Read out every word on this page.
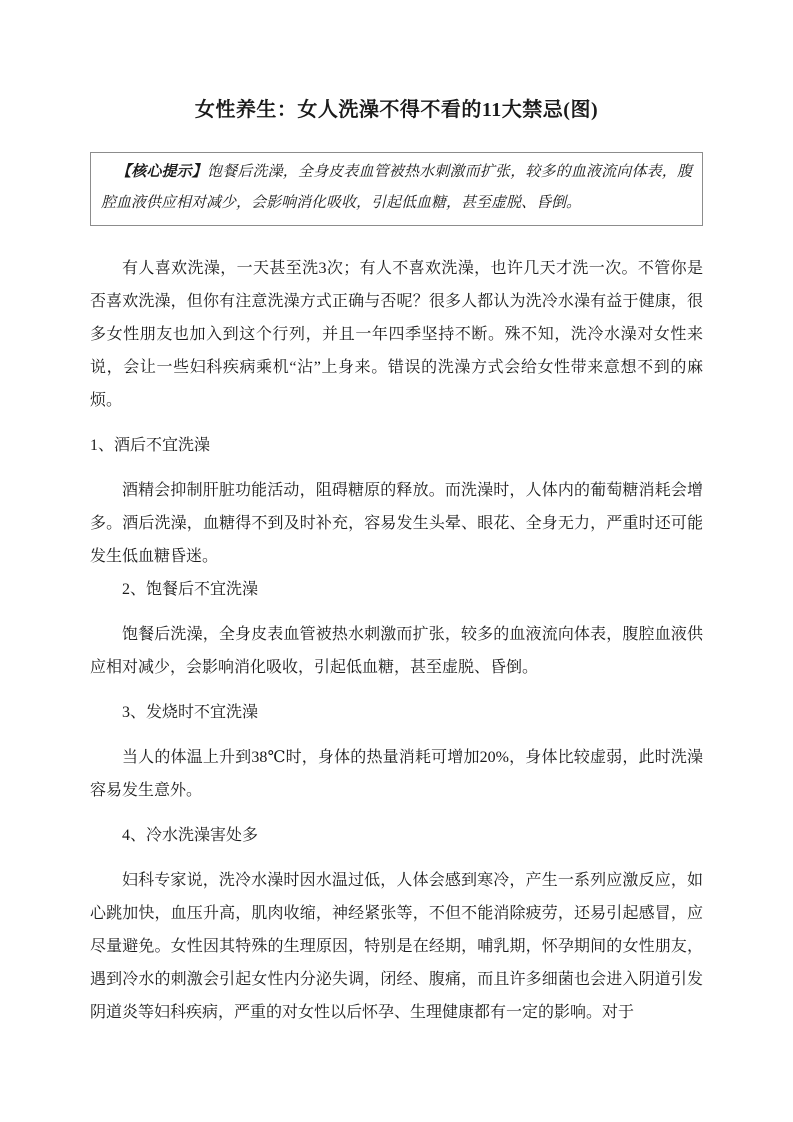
女性养生：女人洗澡不得不看的11大禁忌(图)

【核心提示】饱餐后洗澡，全身皮表血管被热水刺激而扩张，较多的血液流向体表，腹腔血液供应相对减少，会影响消化吸收，引起低血糖，甚至虚脱、昏倒。

有人喜欢洗澡，一天甚至洗3次；有人不喜欢洗澡，也许几天才洗一次。不管你是否喜欢洗澡，但你有注意洗澡方式正确与否呢？很多人都认为洗冷水澡有益于健康，很多女性朋友也加入到这个行列，并且一年四季坚持不断。殊不知，洗冷水澡对女性来说，会让一些妇科疾病乘机“沾”上身来。错误的洗澡方式会给女性带来意想不到的麻烦。

1、酒后不宜洗澡

酒精会抑制肝脏功能活动，阻碍糖原的释放。而洗澡时，人体内的葡萄糖消耗会增多。酒后洗澡，血糖得不到及时补充，容易发生头晕、眼花、全身无力，严重时还可能发生低血糖昏迷。

2、饱餐后不宜洗澡

饱餐后洗澡，全身皮表血管被热水刺激而扩张，较多的血液流向体表，腹腔血液供应相对减少，会影响消化吸收，引起低血糖，甚至虚脱、昏倒。

3、发烧时不宜洗澡

当人的体温上升到38℃时，身体的热量消耗可增加20%，身体比较虚弱，此时洗澡容易发生意外。

4、冷水洗澡害处多

妇科专家说，洗冷水澡时因水温过低，人体会感到寒冷，产生一系列应激反应，如心跳加快，血压升高，肌肉收缩，神经紧张等，不但不能消除疲劳，还易引起感冒，应尽量避免。女性因其特殊的生理原因，特别是在经期，哺乳期，怀孕期间的女性朋友，遇到冷水的刺激会引起女性内分泌失调，闭经、腹痛，而且许多细菌也会进入阴道引发阴道炎等妇科疾病，严重的对女性以后怀孕、生理健康都有一定的影响。对于
